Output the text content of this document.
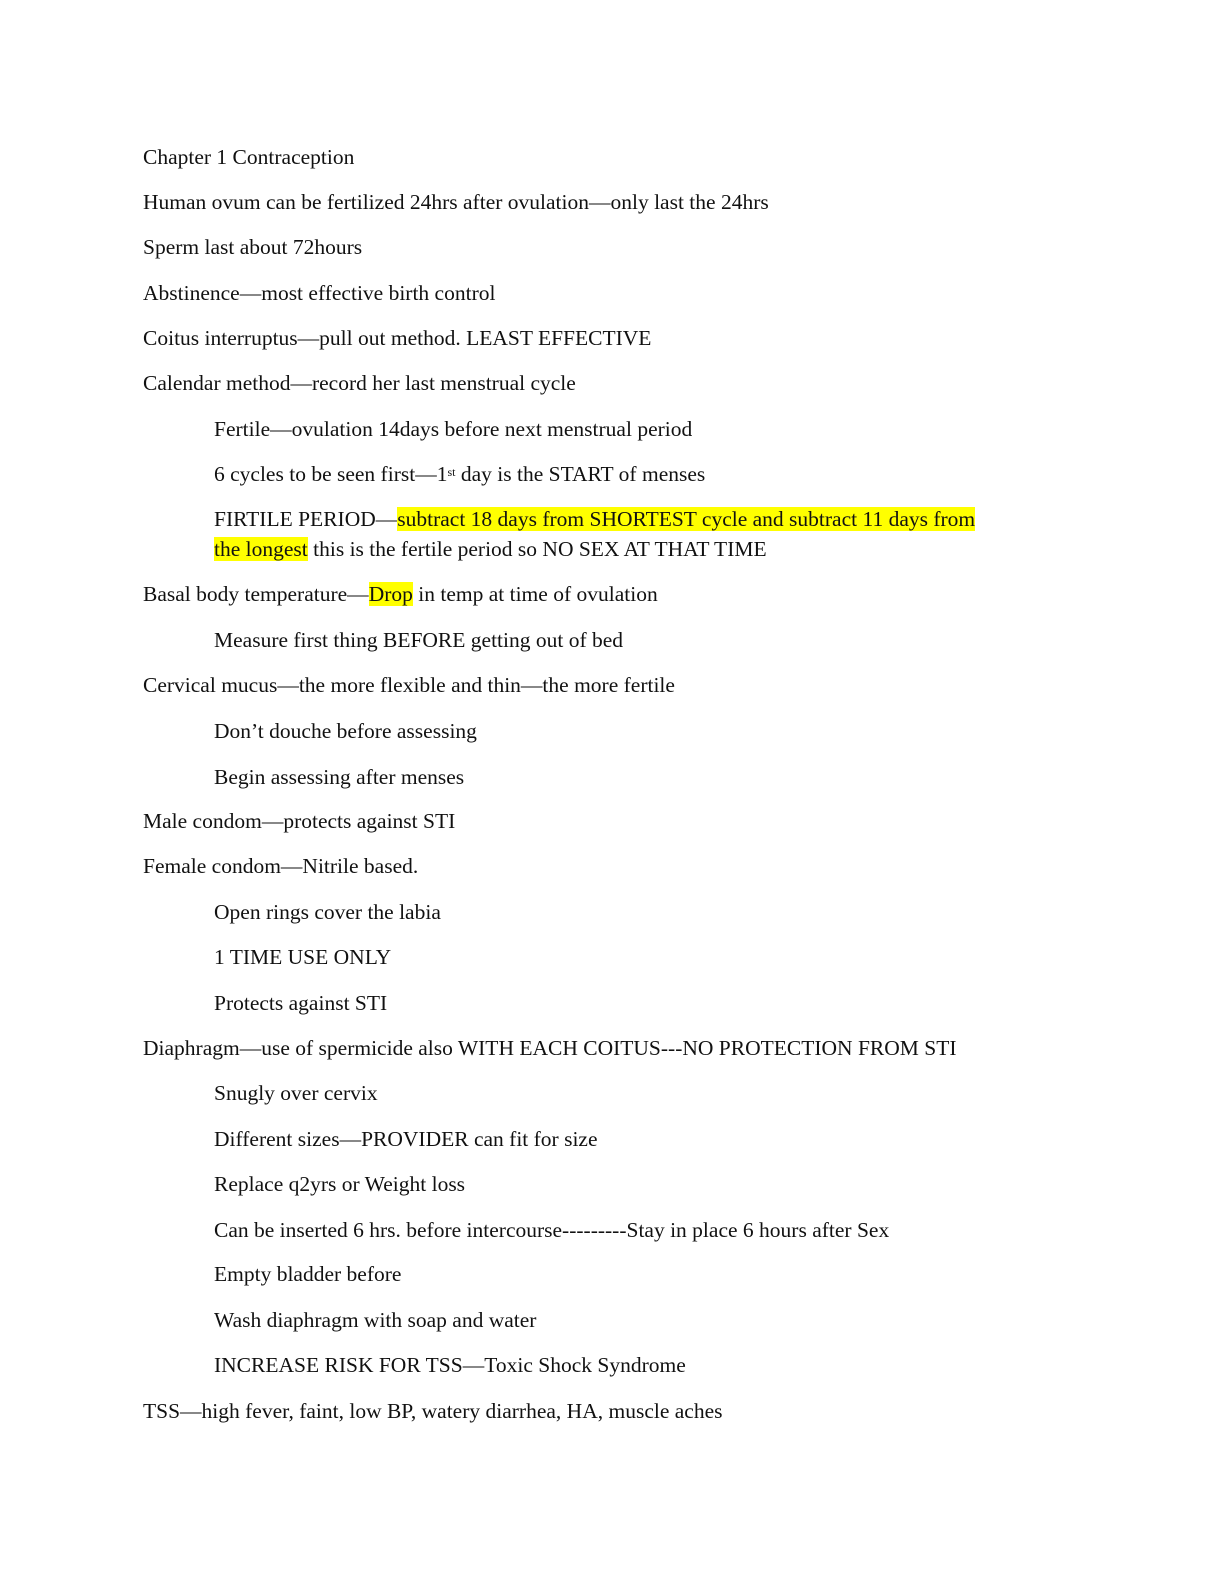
Chapter 1 Contraception
Human ovum can be fertilized 24hrs after ovulation—only last the 24hrs
Sperm last about 72hours
Abstinence—most effective birth control
Coitus interruptus—pull out method. LEAST EFFECTIVE
Calendar method—record her last menstrual cycle
Fertile—ovulation 14days before next menstrual period
6 cycles to be seen first—1st day is the START of menses
FIRTILE PERIOD—subtract 18 days from SHORTEST cycle and subtract 11 days from
the longest this is the fertile period so NO SEX AT THAT TIME
Basal body temperature—Drop in temp at time of ovulation
Measure first thing BEFORE getting out of bed
Cervical mucus—the more flexible and thin—the more fertile
Don’t douche before assessing
Begin assessing after menses
Male condom—protects against STI
Female condom—Nitrile based.
Open rings cover the labia
1 TIME USE ONLY
Protects against STI
Diaphragm—use of spermicide also WITH EACH COITUS---NO PROTECTION FROM STI
Snugly over cervix
Different sizes—PROVIDER can fit for size
Replace q2yrs or Weight loss
Can be inserted 6 hrs. before intercourse---------Stay in place 6 hours after Sex
Empty bladder before
Wash diaphragm with soap and water
INCREASE RISK FOR TSS—Toxic Shock Syndrome
TSS—high fever, faint, low BP, watery diarrhea, HA, muscle aches
